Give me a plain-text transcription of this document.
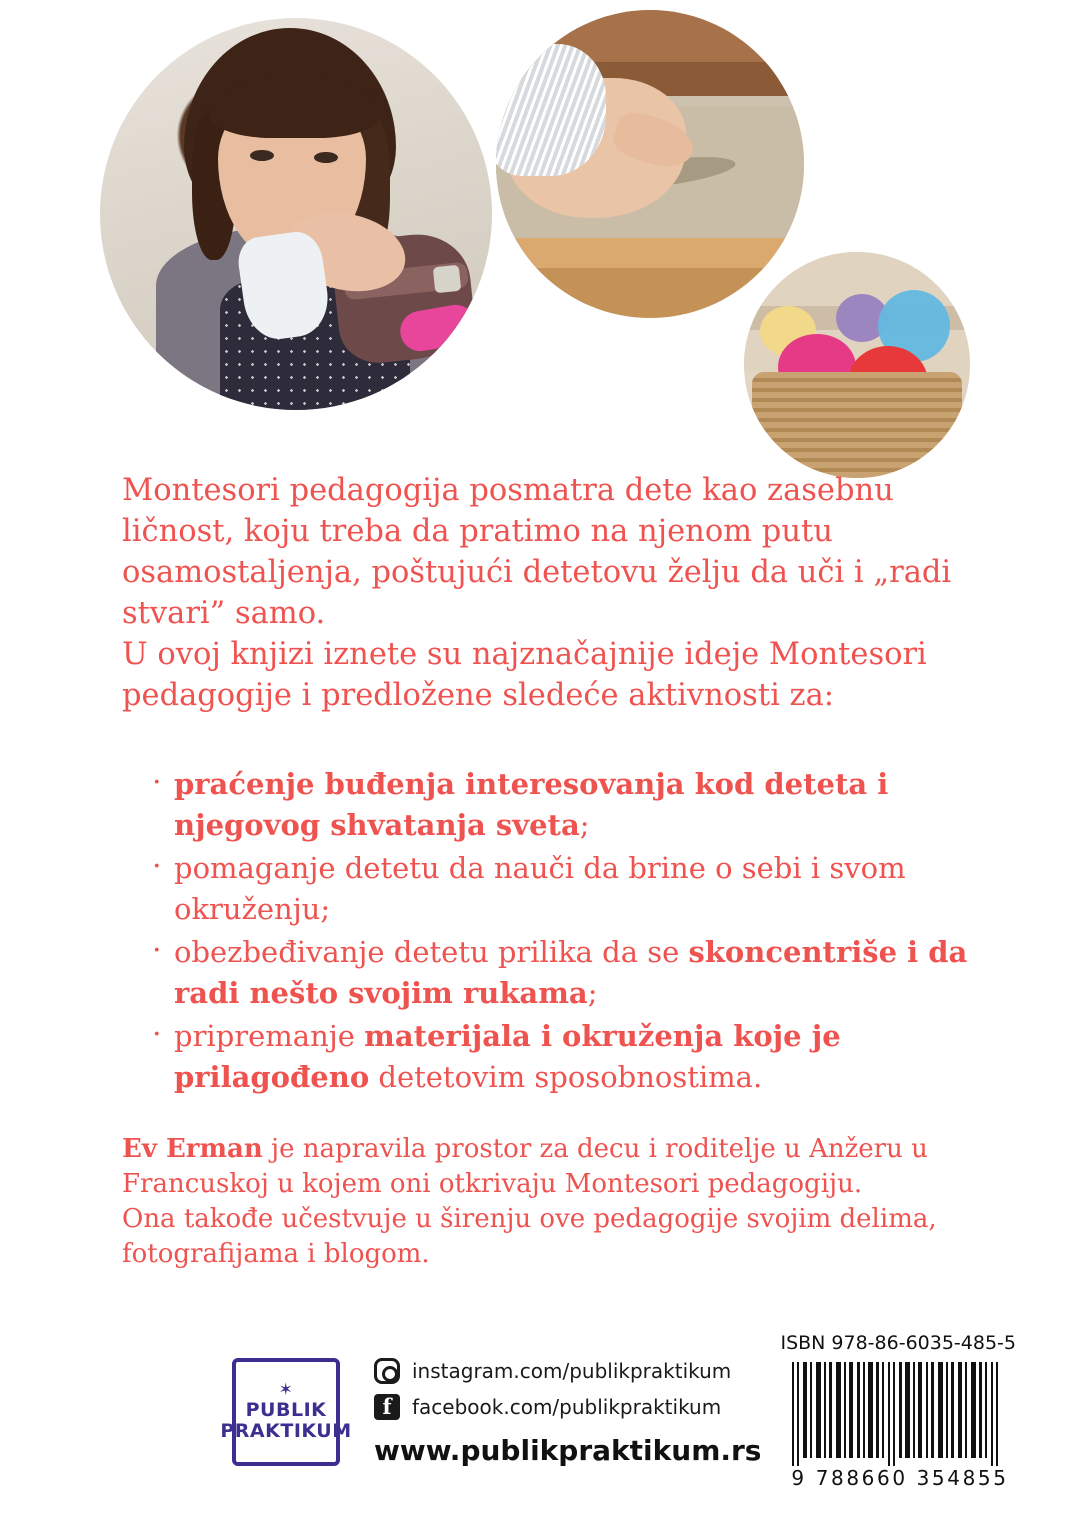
Montesori pedagogija posmatra dete kao zasebnu ličnost, koju treba da pratimo na njenom putu osamostaljenja, poštujući detetovu želju da uči i „radi stvari” samo.

U ovoj knjizi iznete su najznačajnije ideje Montesori pedagogije i predložene sledeće aktivnosti za:

· praćenje buđenja interesovanja kod deteta i njegovog shvatanja sveta;
· pomaganje detetu da nauči da brine o sebi i svom okruženju;
· obezbeđivanje detetu prilika da se skoncentriše i da radi nešto svojim rukama;
· pripremanje materijala i okruženja koje je prilagođeno detetovim sposobnostima.

Ev Erman je napravila prostor za decu i roditelje u Anžeru u Francuskoj u kojem oni otkrivaju Montesori pedagogiju.

Ona takođe učestvuje u širenju ove pedagogije svojim delima, fotografijama i blogom.

✶
PUBLIK
PRAKTIKUM
instagram.com/publikpraktikum
f	facebook.com/publikpraktikum
www.publikpraktikum.rs
ISBN 978-86-6035-485-5
9 788660 354855
